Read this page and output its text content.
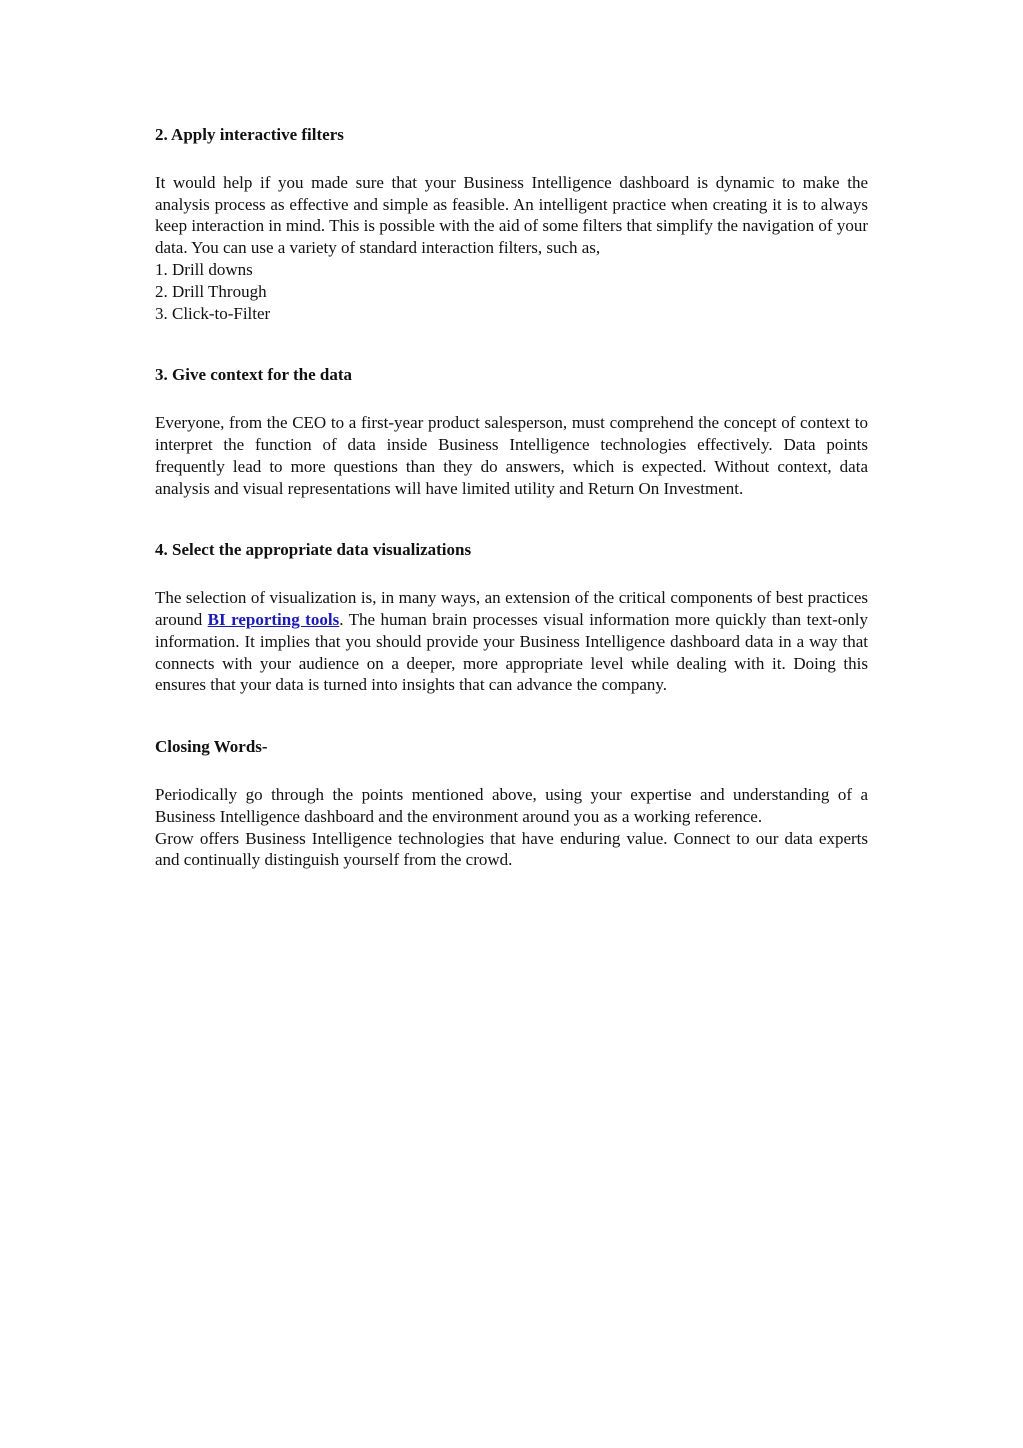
2. Apply interactive filters

It would help if you made sure that your Business Intelligence dashboard is dynamic to make the analysis process as effective and simple as feasible. An intelligent practice when creating it is to always keep interaction in mind. This is possible with the aid of some filters that simplify the navigation of your data. You can use a variety of standard interaction filters, such as,

1. Drill downs
2. Drill Through
3. Click-to-Filter

3. Give context for the data

Everyone, from the CEO to a first-year product salesperson, must comprehend the concept of context to interpret the function of data inside Business Intelligence technologies effectively. Data points frequently lead to more questions than they do answers, which is expected. Without context, data analysis and visual representations will have limited utility and Return On Investment.

4. Select the appropriate data visualizations

The selection of visualization is, in many ways, an extension of the critical components of best practices around BI reporting tools. The human brain processes visual information more quickly than text-only information. It implies that you should provide your Business Intelligence dashboard data in a way that connects with your audience on a deeper, more appropriate level while dealing with it. Doing this ensures that your data is turned into insights that can advance the company.

Closing Words-

Periodically go through the points mentioned above, using your expertise and understanding of a Business Intelligence dashboard and the environment around you as a working reference.

Grow offers Business Intelligence technologies that have enduring value. Connect to our data experts and continually distinguish yourself from the crowd.
